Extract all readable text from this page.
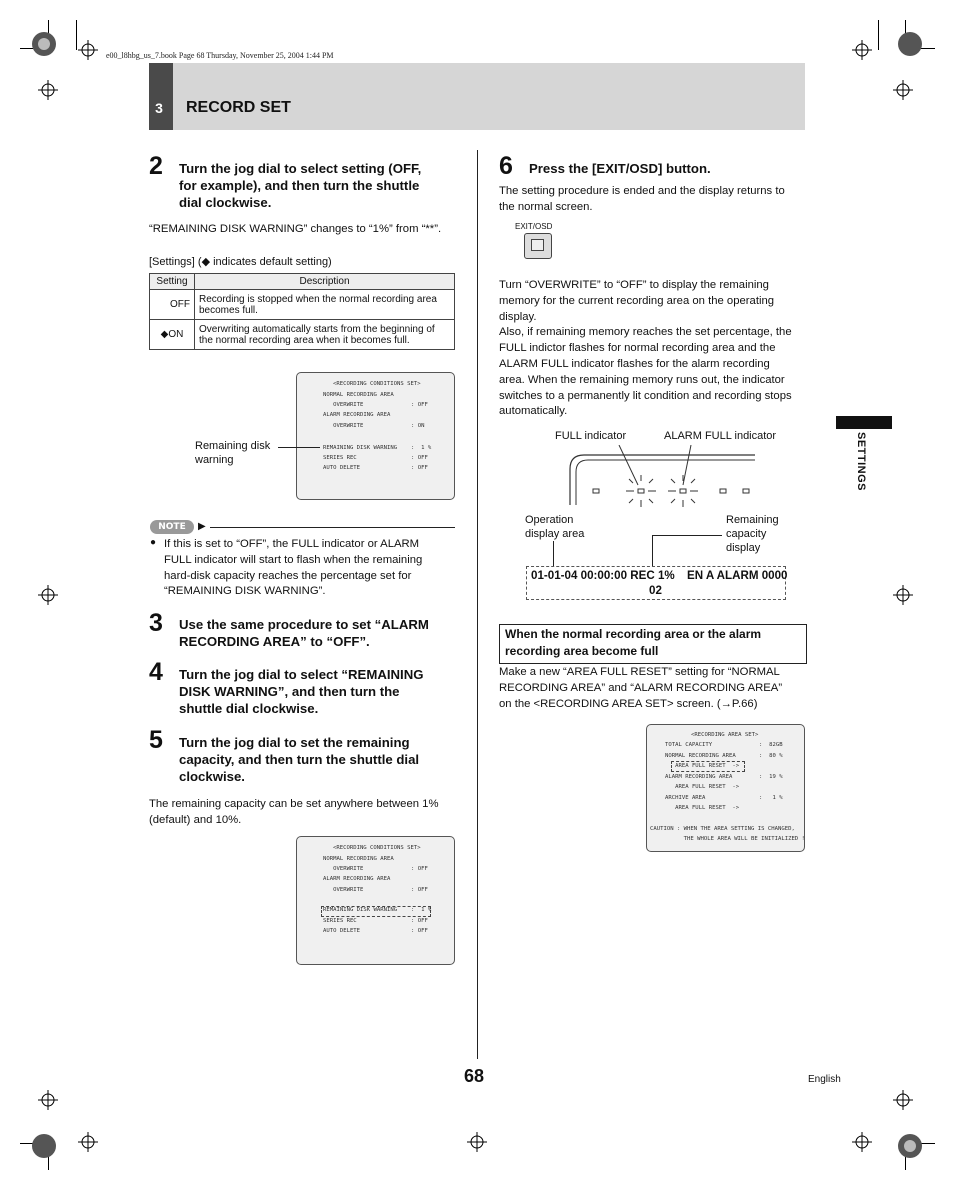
e00_l8hbg_us_7.book Page 68 Thursday, November 25, 2004 1:44 PM
3	RECORD SET
2 Turn the jog dial to select setting (OFF,
for example), and then turn the shuttle
dial clockwise.
“REMAINING DISK WARNING” changes to “1%” from “**”.
[Settings] (◆ indicates default setting)
Setting	Description
OFF	Recording is stopped when the normal recording area
becomes full.

◆ON	Overwriting automatically starts from the beginning of
the normal recording area when it becomes full.
<RECORDING CONDITIONS SET>
NORMAL RECORDING AREA
OVERWRITE	: OFF
ALARM RECORDING AREA
OVERWRITE	: ON
REMAINING DISK WARNING :  1 %
SERIES REC	: OFF
AUTO DELETE	: OFF
Remaining disk
warning
NOTE	▶
● If this is set to “OFF”, the FULL indicator or ALARM
FULL indicator will start to flash when the remaining
hard-disk capacity reaches the percentage set for
“REMAINING DISK WARNING”.
3 Use the same procedure to set “ALARM
RECORDING AREA” to “OFF”.
4 Turn the jog dial to select “REMAINING
DISK WARNING”, and then turn the
shuttle dial clockwise.
5 Turn the jog dial to set the remaining
capacity, and then turn the shuttle dial
clockwise.
The remaining capacity can be set anywhere between 1%
(default) and 10%.
<RECORDING CONDITIONS SET>
NORMAL RECORDING AREA
OVERWRITE	: OFF
ALARM RECORDING AREA
OVERWRITE	: OFF
REMAINING DISK WARNING :  1 %
SERIES REC	: OFF
AUTO DELETE	: OFF
6 Press the [EXIT/OSD] button.
The setting procedure is ended and the display returns to
the normal screen.
EXIT/OSD
Turn “OVERWRITE” to “OFF” to display the remaining
memory for the current recording area on the operating
display.
Also, if remaining memory reaches the set percentage, the
FULL indictor flashes for normal recording area and the
ALARM FULL indicator flashes for the alarm recording
area. When the remaining memory runs out, the indicator
switches to a permanently lit condition and recording stops
automatically.
FULL indicator	ALARM FULL indicator
Operation
display area
Remaining
capacity
display
01-01-04 00:00:00 REC 1% EN A ALARM 0000
02
When the normal recording area or the alarm
recording area become full
Make a new “AREA FULL RESET” setting for “NORMAL
RECORDING AREA” and “ALARM RECORDING AREA”
on the <RECORDING AREA SET> screen. (→P.66)
<RECORDING AREA SET>
TOTAL CAPACITY	:  82GB
NORMAL RECORDING AREA	:  80 %
AREA FULL RESET  ->
ALARM RECORDING AREA	:  19 %
AREA FULL RESET  ->
ARCHIVE AREA	:   1 %
AREA FULL RESET  ->
CAUTION : WHEN THE AREA SETTING IS CHANGED,
THE WHOLE AREA WILL BE INITIALIZED !
SETTINGS
68	English
